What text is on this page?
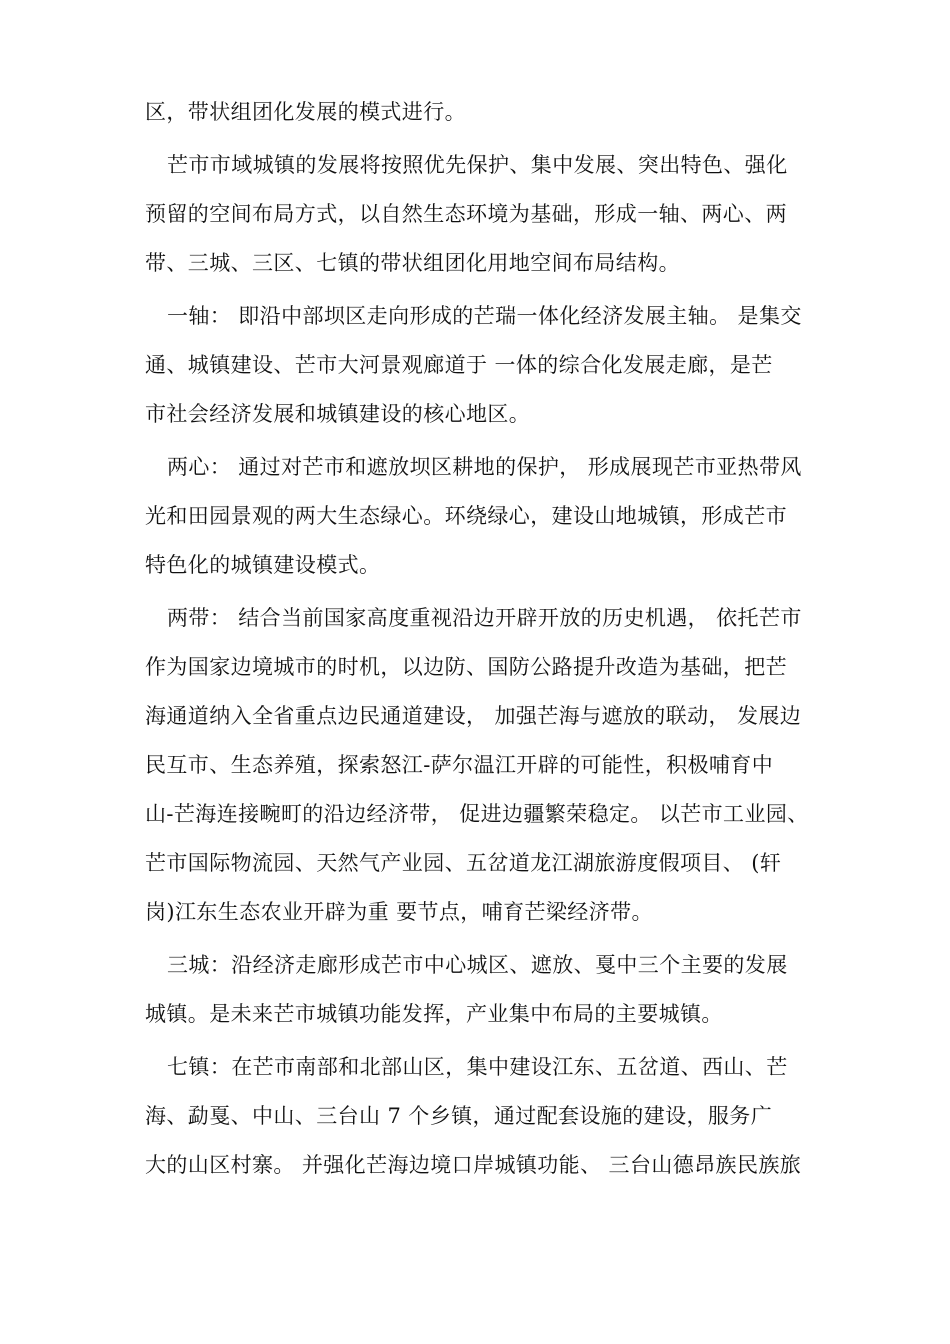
区，带状组团化发展的模式进行。
芒市市域城镇的发展将按照优先保护、集中发展、突出特色、强化
预留的空间布局方式，以自然生态环境为基础，形成一轴、两心、两
带、三城、三区、七镇的带状组团化用地空间布局结构。
一轴： 即沿中部坝区走向形成的芒瑞一体化经济发展主轴。 是集交
通、城镇建设、芒市大河景观廊道于 一体的综合化发展走廊，是芒
市社会经济发展和城镇建设的核心地区。
两心： 通过对芒市和遮放坝区耕地的保护， 形成展现芒市亚热带风
光和田园景观的两大生态绿心。环绕绿心，建设山地城镇，形成芒市
特色化的城镇建设模式。
两带： 结合当前国家高度重视沿边开辟开放的历史机遇， 依托芒市
作为国家边境城市的时机，以边防、国防公路提升改造为基础，把芒
海通道纳入全省重点边民通道建设， 加强芒海与遮放的联动， 发展边
民互市、生态养殖，探索怒江-萨尔温江开辟的可能性，积极哺育中
山-芒海连接畹町的沿边经济带， 促进边疆繁荣稳定。 以芒市工业园、
芒市国际物流园、天然气产业园、五岔道龙江湖旅游度假项目、 (轩
岗)江东生态农业开辟为重 要节点，哺育芒梁经济带。
三城：沿经济走廊形成芒市中心城区、遮放、戛中三个主要的发展
城镇。是未来芒市城镇功能发挥，产业集中布局的主要城镇。
七镇：在芒市南部和北部山区，集中建设江东、五岔道、西山、芒
海、勐戛、中山、三台山 7 个乡镇，通过配套设施的建设，服务广
大的山区村寨。 并强化芒海边境口岸城镇功能、 三台山德昂族民族旅
